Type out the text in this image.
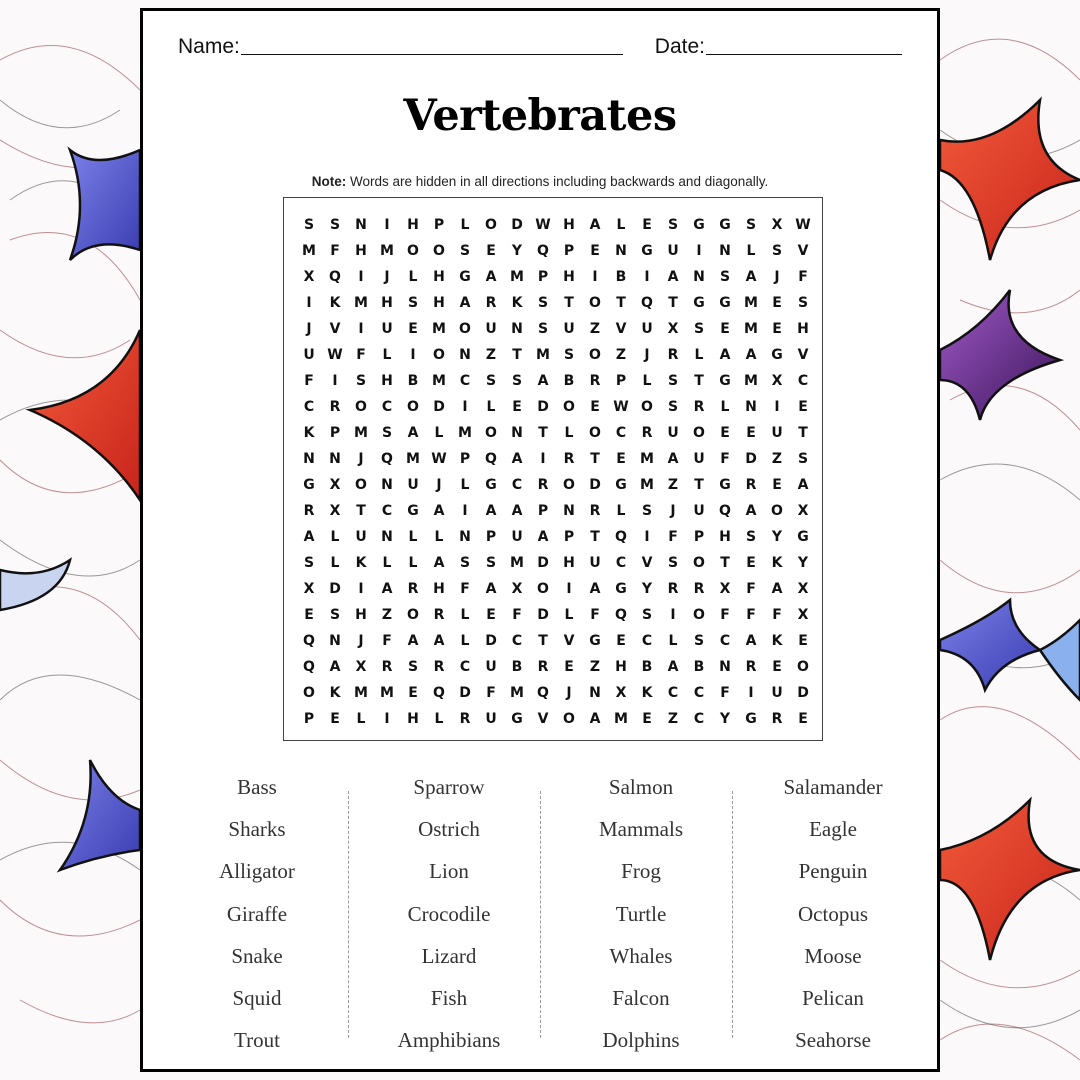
Name:	Date:
Vertebrates
Note: Words are hidden in all directions including backwards and diagonally.
S	S	N	I	H	P	L	O	D W H	A	L	E	S	G	G	S	X W
M	F	H M O	O	S	E	Y	Q	P	E	N	G	U	I	N	L	S	V
X	Q	I	J	L	H	G	A M P	H	I	B	I	A	N	S	A	J	F
I	K M H	S	H	A	R	K	S	T	O	T	Q	T	G	G M	E	S
J	V	I	U	E	M O	U	N	S	U	Z	V	U	X	S	E	M	E	H
U W F	L	I	O	N	Z	T	M S	O	Z	J	R	L	A	A	G	V
F	I	S	H	B M C	S	S	A	B	R	P	L	S	T	G M X	C
C	R	O	C	O	D	I	L	E	D	O	E W O	S	R	L	N	I	E
K	P M S	A	L	M O	N	T	L	O	C	R	U	O	E	E	U	T
N	N	J	Q M W P	Q	A	I	R	T	E	M A	U	F	D	Z	S
G	X	O	N	U	J	L	G	C	R	O	D	G M Z	T	G	R	E	A
R	X	T	C	G	A	I	A	A	P	N	R	L	S	J	U	Q	A	O	X
A	L	U	N	L	L	N	P	U	A	P	T	Q	I	F	P	H	S	Y	G
S	L	K	L	L	A	S	S M D	H	U	C	V	S	O	T	E	K	Y
X	D	I	A	R	H	F	A	X	O	I	A	G	Y	R	R	X	F	A	X
E	S	H	Z	O	R	L	E	F	D	L	F	Q	S	I	O	F	F	F	X
Q	N	J	F	A	A	L	D	C	T	V	G	E	C	L	S	C	A	K	E
Q	A	X	R	S	R	C	U	B	R	E	Z	H	B	A	B	N	R	E	O
O	K M M	E	Q	D	F	M Q	J	N	X	K	C	C	F	I	U	D
P	E	L	I	H	L	R	U	G	V	O	A M	E	Z	C	Y	G	R	E
Bass
Sharks
Alligator
Giraffe
Snake
Squid
Trout
Sparrow
Ostrich
Lion
Crocodile
Lizard
Fish
Amphibians
Salmon
Mammals
Frog
Turtle
Whales
Falcon
Dolphins
Salamander
Eagle
Penguin
Octopus
Moose
Pelican
Seahorse
